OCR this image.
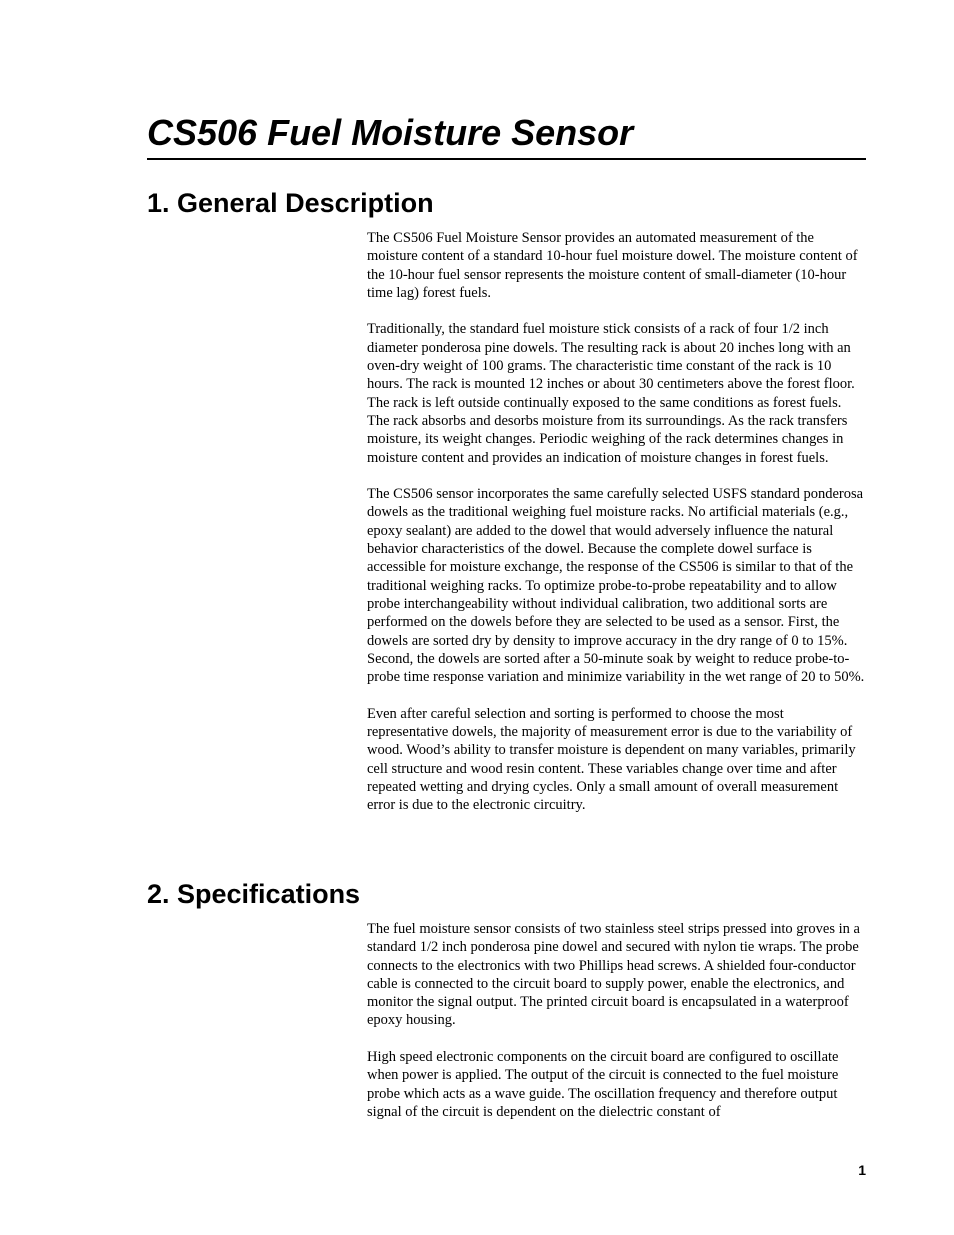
CS506 Fuel Moisture Sensor
1. General Description

The CS506 Fuel Moisture Sensor provides an automated measurement of the moisture content of a standard 10-hour fuel moisture dowel. The moisture content of the 10-hour fuel sensor represents the moisture content of small-diameter (10-hour time lag) forest fuels.

Traditionally, the standard fuel moisture stick consists of a rack of four 1/2 inch diameter ponderosa pine dowels. The resulting rack is about 20 inches long with an oven-dry weight of 100 grams. The characteristic time constant of the rack is 10 hours. The rack is mounted 12 inches or about 30 centimeters above the forest floor. The rack is left outside continually exposed to the same conditions as forest fuels. The rack absorbs and desorbs moisture from its surroundings. As the rack transfers moisture, its weight changes. Periodic weighing of the rack determines changes in moisture content and provides an indication of moisture changes in forest fuels.

The CS506 sensor incorporates the same carefully selected USFS standard ponderosa dowels as the traditional weighing fuel moisture racks. No artificial materials (e.g., epoxy sealant) are added to the dowel that would adversely influence the natural behavior characteristics of the dowel. Because the complete dowel surface is accessible for moisture exchange, the response of the CS506 is similar to that of the traditional weighing racks. To optimize probe-to-probe repeatability and to allow probe interchangeability without individual calibration, two additional sorts are performed on the dowels before they are selected to be used as a sensor. First, the dowels are sorted dry by density to improve accuracy in the dry range of 0 to 15%. Second, the dowels are sorted after a 50-minute soak by weight to reduce probe-to-probe time response variation and minimize variability in the wet range of 20 to 50%.

Even after careful selection and sorting is performed to choose the most representative dowels, the majority of measurement error is due to the variability of wood. Wood’s ability to transfer moisture is dependent on many variables, primarily cell structure and wood resin content. These variables change over time and after repeated wetting and drying cycles. Only a small amount of overall measurement error is due to the electronic circuitry.

2. Specifications

The fuel moisture sensor consists of two stainless steel strips pressed into groves in a standard 1/2 inch ponderosa pine dowel and secured with nylon tie wraps. The probe connects to the electronics with two Phillips head screws. A shielded four-conductor cable is connected to the circuit board to supply power, enable the electronics, and monitor the signal output. The printed circuit board is encapsulated in a waterproof epoxy housing.

High speed electronic components on the circuit board are configured to oscillate when power is applied. The output of the circuit is connected to the fuel moisture probe which acts as a wave guide. The oscillation frequency and therefore output signal of the circuit is dependent on the dielectric constant of

1
